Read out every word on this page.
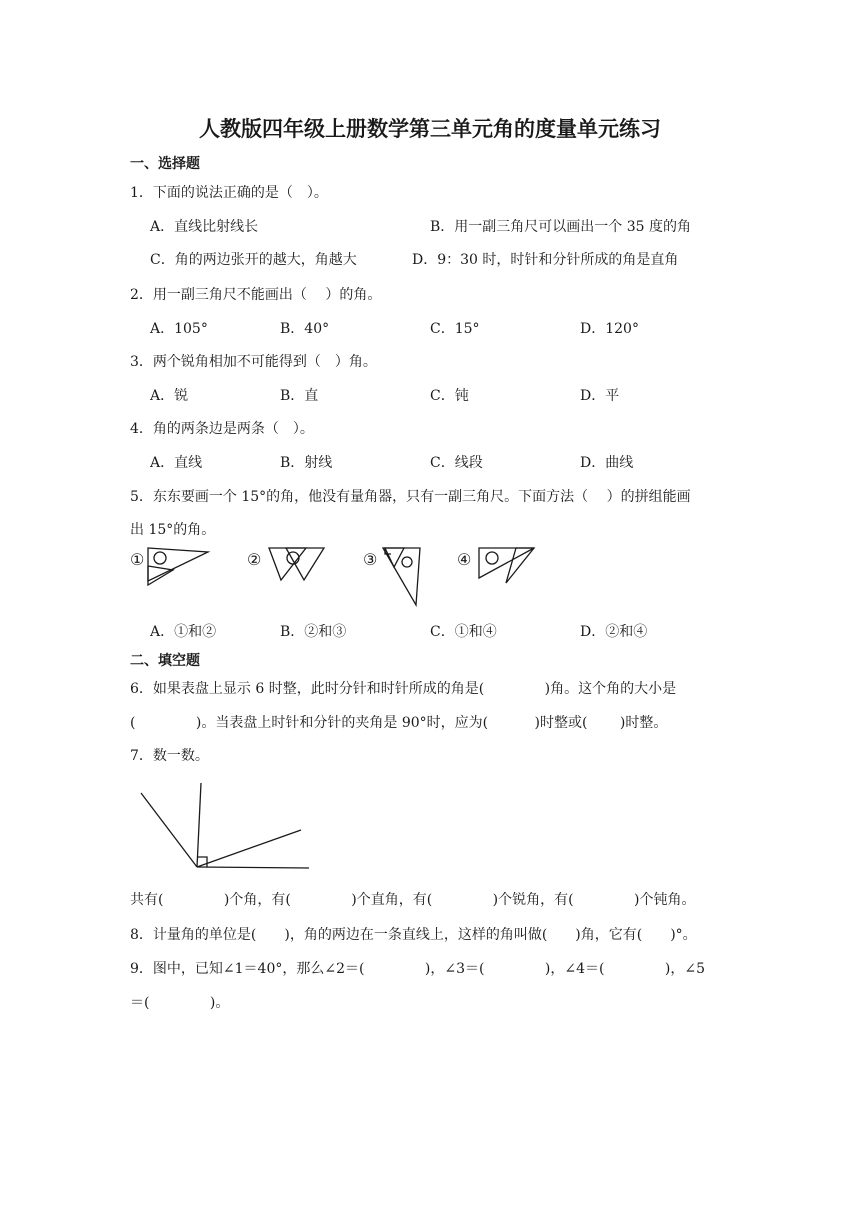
人教版四年级上册数学第三单元角的度量单元练习
一、选择题
1．下面的说法正确的是（　）。
A．直线比射线长	B．用一副三角尺可以画出一个 35 度的角
C．角的两边张开的越大，角越大	D．9：30 时，时针和分针所成的角是直角
2．用一副三角尺不能画出（　 ）的角。
A．105°	B．40°	C．15°	D．120°
3．两个锐角相加不可能得到（　）角。
A．锐	B．直	C．钝	D．平
4．角的两条边是两条（　）。
A．直线	B．射线	C．线段	D．曲线
5．东东要画一个 15°的角，他没有量角器，只有一副三角尺。下面方法（　 ）的拼组能画
出 15°的角。
①	②	③	④
A．①和②	B．②和③	C．①和④	D．②和④
二、填空题
6．如果表盘上显示 6 时整，此时分针和时针所成的角是(　　　　 )角。这个角的大小是
(　　　　 )。当表盘上时针和分针的夹角是 90°时，应为(　　　 )时整或(　　 )时整。
7．数一数。
共有(　　　　 )个角，有(　　　　 )个直角，有(　　　　 )个锐角，有(　　　　 )个钝角。
8．计量角的单位是(　　)，角的两边在一条直线上，这样的角叫做(　　)角，它有(　　)°。
9．图中，已知∠1＝40°，那么∠2＝(　　　　 )，∠3＝(　　　　 )，∠4＝(　　　　 )，∠5
＝(　　　　 )。
